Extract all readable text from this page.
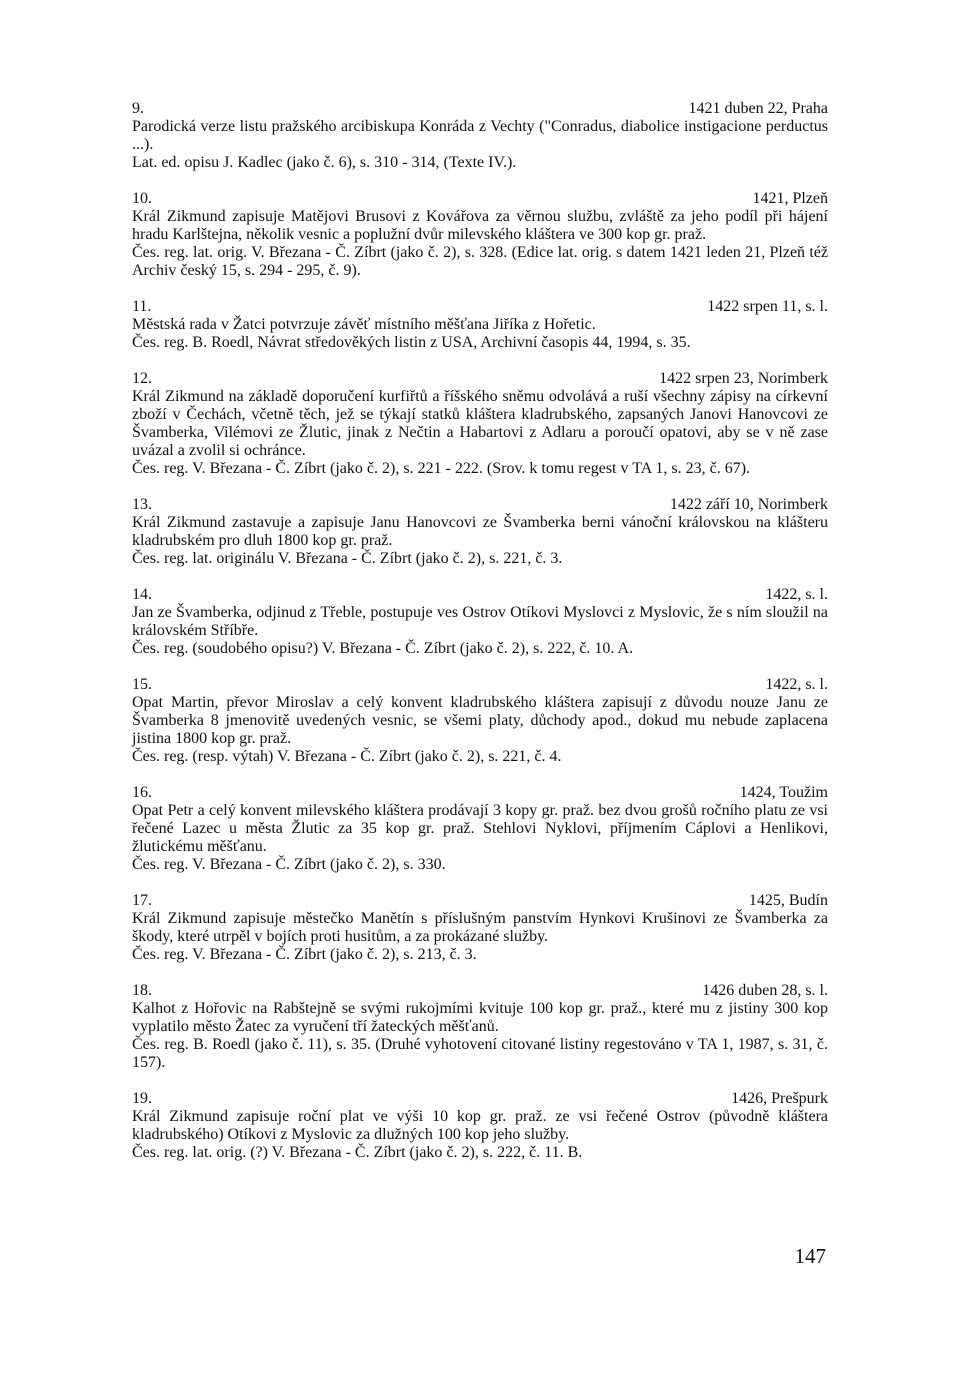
9.	1421 duben 22, Praha
Parodická verze listu pražského arcibiskupa Konráda z Vechty ("Conradus, diabolice instigacione perductus ...).
Lat. ed. opisu J. Kadlec (jako č. 6), s. 310 - 314, (Texte IV.).
10.	1421, Plzeň
Král Zikmund zapisuje Matějovi Brusovi z Kovářova za věrnou službu, zvláště za jeho podíl při hájení hradu Karlštejna, několik vesnic a poplužní dvůr milevského kláštera ve 300 kop gr. praž.
Čes. reg. lat. orig. V. Březana - Č. Zíbrt (jako č. 2), s. 328. (Edice lat. orig. s datem 1421 leden 21, Plzeň též Archiv český 15, s. 294 - 295, č. 9).
11.	1422 srpen 11, s. l.
Městská rada v Žatci potvrzuje závěť místního měšťana Jiříka z Hořetic.
Čes. reg. B. Roedl, Návrat středověkých listin z USA, Archivní časopis 44, 1994, s. 35.
12.	1422 srpen 23, Norimberk
Král Zikmund na základě doporučení kurfiřtů a říšského sněmu odvolává a ruší všechny zápisy na církevní zboží v Čechách, včetně těch, jež se týkají statků kláštera kladrubského, zapsaných Janovi Hanovcovi ze Švamberka, Vilémovi ze Žlutic, jinak z Nečtin a Habartovi z Adlaru a poroučí opatovi, aby se v ně zase uvázal a zvolil si ochránce.
Čes. reg. V. Březana - Č. Zíbrt (jako č. 2), s. 221 - 222. (Srov. k tomu regest v TA 1, s. 23, č. 67).
13.	1422 září 10, Norimberk
Král Zikmund zastavuje a zapisuje Janu Hanovcovi ze Švamberka berni vánoční královskou na klášteru kladrubském pro dluh 1800 kop gr. praž.
Čes. reg. lat. originálu V. Březana - Č. Zíbrt (jako č. 2), s. 221, č. 3.
14.	1422, s. l.
Jan ze Švamberka, odjinud z Třeble, postupuje ves Ostrov Otíkovi Myslovci z Myslovic, že s ním sloužil na královském Stříbře.
Čes. reg. (soudobého opisu?) V. Březana - Č. Zíbrt (jako č. 2), s. 222, č. 10. A.
15.	1422, s. l.
Opat Martin, převor Miroslav a celý konvent kladrubského kláštera zapisují z důvodu nouze Janu ze Švamberka 8 jmenovitě uvedených vesnic, se všemi platy, důchody apod., dokud mu nebude zaplacena jistina 1800 kop gr. praž.
Čes. reg. (resp. výtah) V. Březana - Č. Zíbrt (jako č. 2), s. 221, č. 4.
16.	1424, Toužim
Opat Petr a celý konvent milevského kláštera prodávají 3 kopy gr. praž. bez dvou grošů ročního platu ze vsi řečené Lazec u města Žlutic za 35 kop gr. praž. Stehlovi Nyklovi, příjmením Cáplovi a Henlikovi, žlutickému měšťanu.
Čes. reg. V. Březana - Č. Zíbrt (jako č. 2), s. 330.
17.	1425, Budín
Král Zikmund zapisuje městečko Manětín s příslušným panstvím Hynkovi Krušinovi ze Švamberka za škody, které utrpěl v bojích proti husitům, a za prokázané služby.
Čes. reg. V. Březana - Č. Zíbrt (jako č. 2), s. 213, č. 3.
18.	1426 duben 28, s. l.
Kalhot z Hořovic na Rabštejně se svými rukojmími kvituje 100 kop gr. praž., které mu z jistiny 300 kop vyplatilo město Žatec za vyručení tří žateckých měšťanů.
Čes. reg. B. Roedl (jako č. 11), s. 35. (Druhé vyhotovení citované listiny regestováno v TA 1, 1987, s. 31, č. 157).
19.	1426, Prešpurk
Král Zikmund zapisuje roční plat ve výši 10 kop gr. praž. ze vsi řečené Ostrov (původně kláštera kladrubského) Otíkovi z Myslovic za dlužných 100 kop jeho služby.
Čes. reg. lat. orig. (?) V. Březana - Č. Zíbrt (jako č. 2), s. 222, č. 11. B.
147
